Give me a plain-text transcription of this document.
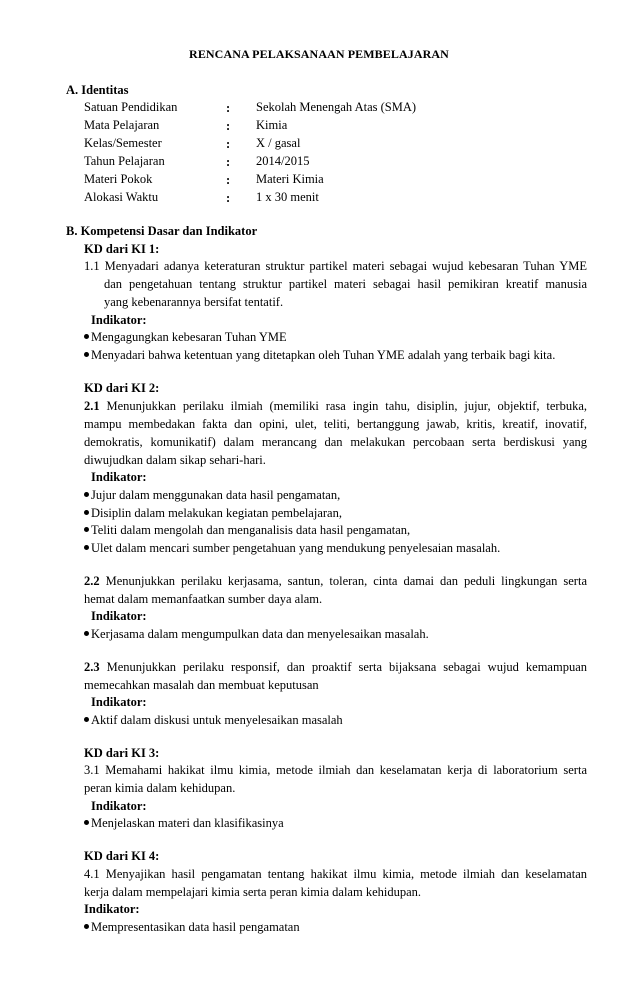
RENCANA PELAKSANAAN PEMBELAJARAN
A. Identitas
Satuan Pendidikan	: Sekolah Menengah Atas (SMA)
Mata Pelajaran	: Kimia
Kelas/Semester	: X / gasal
Tahun Pelajaran	: 2014/2015
Materi Pokok	: Materi Kimia
Alokasi Waktu	: 1 x 30 menit
B. Kompetensi Dasar dan Indikator
KD dari KI 1:
1.1 Menyadari adanya keteraturan struktur partikel materi sebagai wujud kebesaran Tuhan YME
dan pengetahuan tentang struktur partikel materi sebagai hasil pemikiran kreatif manusia
yang kebenarannya bersifat tentatif.
Indikator:
Mengagungkan kebesaran Tuhan YME
Menyadari bahwa ketentuan yang ditetapkan oleh Tuhan YME adalah yang terbaik bagi kita.
KD dari KI 2:
2.1 Menunjukkan perilaku ilmiah (memiliki rasa ingin tahu, disiplin, jujur, objektif, terbuka,
mampu membedakan fakta dan opini, ulet, teliti, bertanggung jawab, kritis, kreatif, inovatif,
demokratis, komunikatif) dalam merancang dan melakukan percobaan serta berdiskusi yang
diwujudkan dalam sikap sehari-hari.
Indikator:
Jujur dalam menggunakan data hasil pengamatan,
Disiplin dalam melakukan kegiatan pembelajaran,
Teliti dalam mengolah dan menganalisis data hasil pengamatan,
Ulet dalam mencari sumber pengetahuan yang mendukung penyelesaian masalah.
2.2 Menunjukkan perilaku kerjasama, santun, toleran, cinta damai dan peduli lingkungan serta
hemat dalam memanfaatkan sumber daya alam.
Indikator:
Kerjasama dalam mengumpulkan data dan menyelesaikan masalah.
2.3 Menunjukkan perilaku responsif, dan proaktif serta bijaksana sebagai wujud kemampuan
memecahkan masalah dan membuat keputusan
Indikator:
Aktif dalam diskusi untuk menyelesaikan masalah
KD dari KI 3:
3.1 Memahami hakikat ilmu kimia, metode ilmiah dan keselamatan kerja di laboratorium serta
peran kimia dalam kehidupan.
Indikator:
Menjelaskan materi dan klasifikasinya
KD dari KI 4:
4.1 Menyajikan hasil pengamatan tentang hakikat ilmu kimia, metode ilmiah dan keselamatan
kerja dalam mempelajari kimia serta peran kimia dalam kehidupan.
Indikator:
Mempresentasikan data hasil pengamatan
